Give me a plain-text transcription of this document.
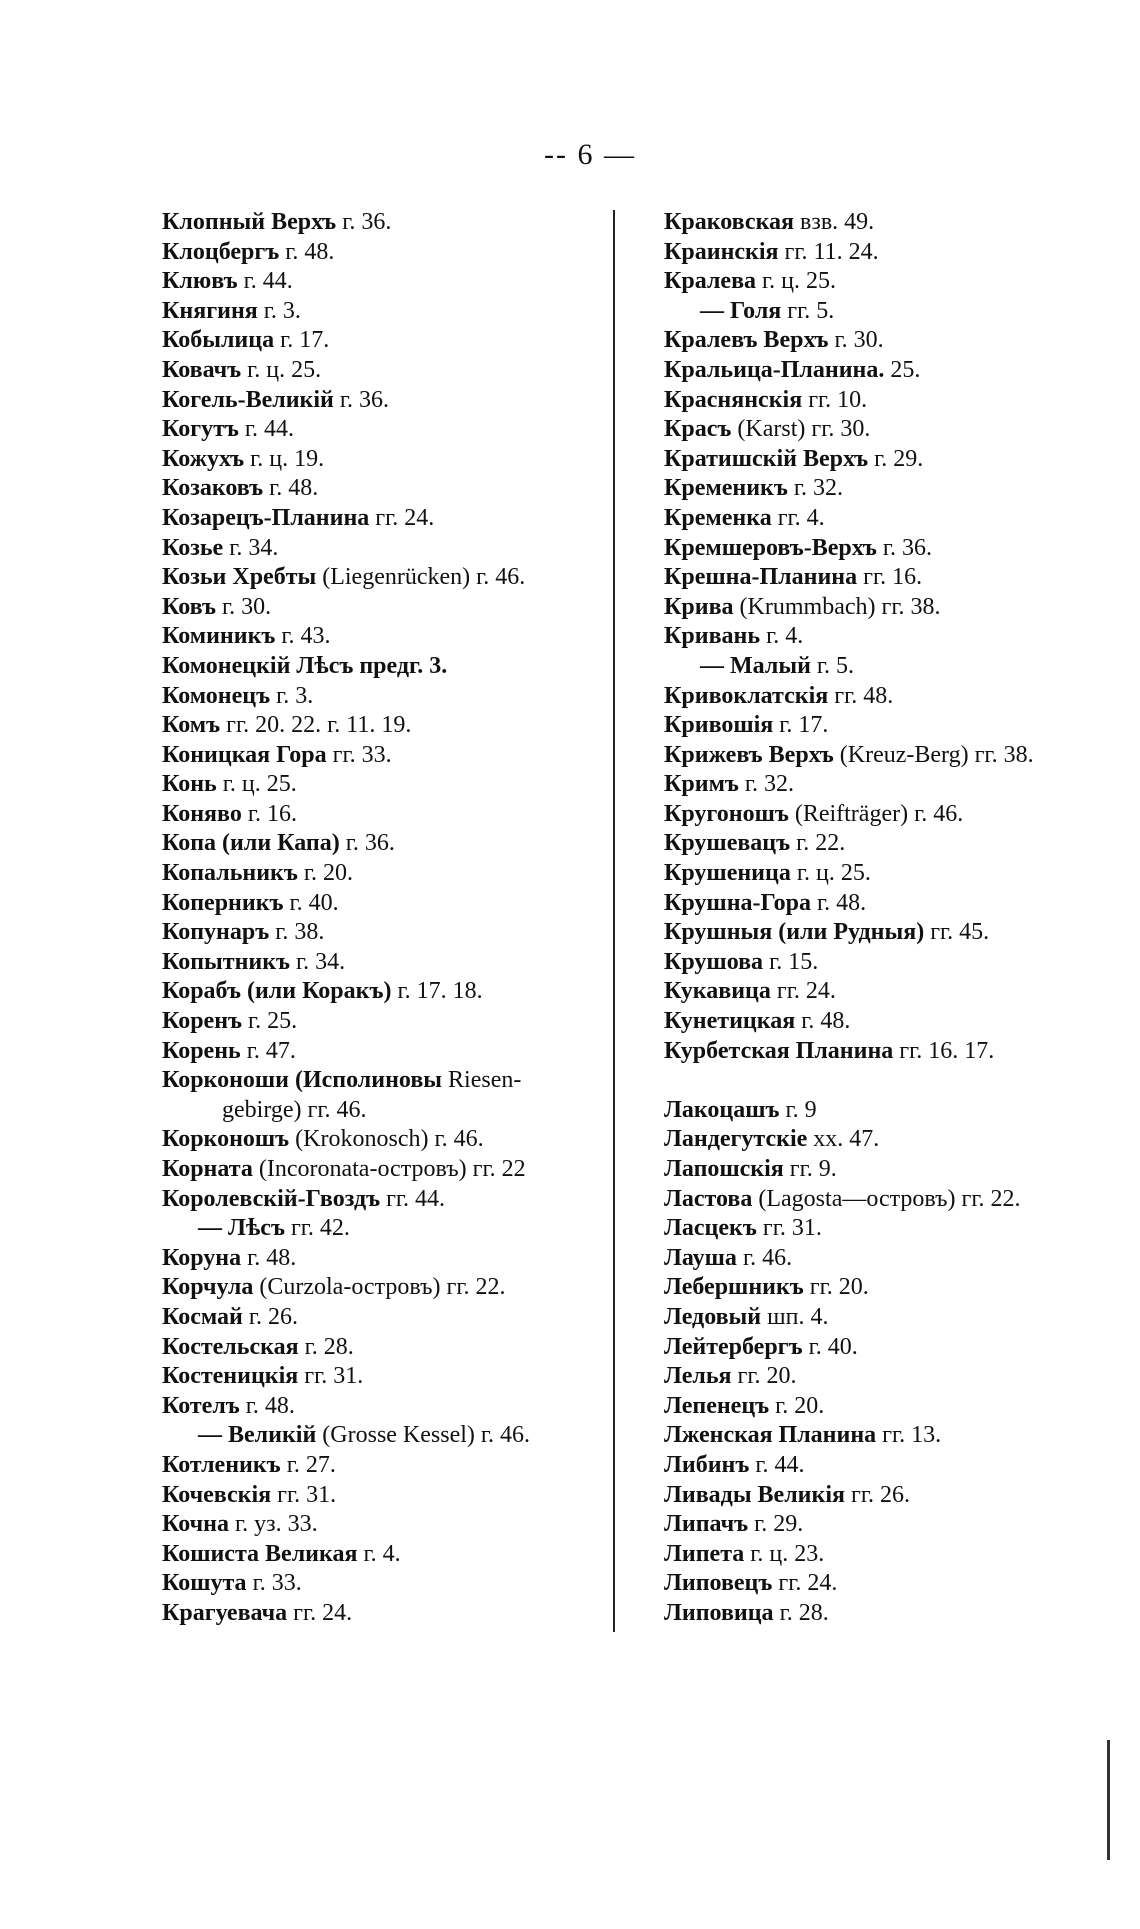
-- 6 —
Клопный Верхъ г. 36.
Клоцбергъ г. 48.
Клювъ г. 44.
Княгиня г. 3.
Кобылица г. 17.
Ковачъ г. ц. 25.
Когель-Великій г. 36.
Когутъ г. 44.
Кожухъ г. ц. 19.
Козаковъ г. 48.
Козарецъ-Планина гг. 24.
Козье г. 34.
Козьи Хребты (Liegenrücken) г. 46.
Ковъ г. 30.
Коминикъ г. 43.
Комонецкій Лѣсъ предг. 3.
Комонецъ г. 3.
Комъ гг. 20. 22. г. 11. 19.
Коницкая Гора гг. 33.
Конь г. ц. 25.
Коняво г. 16.
Копа (или Капа) г. 36.
Копальникъ г. 20.
Коперникъ г. 40.
Копунаръ г. 38.
Копытникъ г. 34.
Корабъ (или Коракъ) г. 17. 18.
Коренъ г. 25.
Корень г. 47.
Корконоши (Исполиновы Riesen-
gebirge) гг. 46.
Корконошъ (Krokonosch) г. 46.
Корната (Incoronata-островъ) гг. 22
Королевскій-Гвоздъ гг. 44.
— Лѣсъ гг. 42.
Коруна г. 48.
Корчула (Curzola-островъ) гг. 22.
Космай г. 26.
Костельская г. 28.
Костеницкія гг. 31.
Котелъ г. 48.
— Великій (Grosse Kessel) г. 46.
Котленикъ г. 27.
Кочевскія гг. 31.
Кочна г. уз. 33.
Кошиста Великая г. 4.
Кошута г. 33.
Крагуевача гг. 24.
Краковская взв. 49.
Краинскія гг. 11. 24.
Кралева г. ц. 25.
— Голя гг. 5.
Кралевъ Верхъ г. 30.
Кральица-Планина. 25.
Краснянскія гг. 10.
Красъ (Karst) гг. 30.
Кратишскій Верхъ г. 29.
Кременикъ г. 32.
Кременка гг. 4.
Кремшеровъ-Верхъ г. 36.
Крешна-Планина гг. 16.
Крива (Krummbach) гг. 38.
Кривань г. 4.
— Малый г. 5.
Кривоклатскія гг. 48.
Кривошія г. 17.
Крижевъ Верхъ (Kreuz-Berg) гг. 38.
Кримъ г. 32.
Кругоношъ (Reifträger) г. 46.
Крушевацъ г. 22.
Крушеница г. ц. 25.
Крушна-Гора г. 48.
Крушныя (или Рудныя) гг. 45.
Крушова г. 15.
Кукавица гг. 24.
Кунетицкая г. 48.
Курбетская Планина гг. 16. 17.
Лакоцашъ г. 9
Ландегутскіе хх. 47.
Лапошскія гг. 9.
Ластова (Lagosta—островъ) гг. 22.
Ласцекъ гг. 31.
Лауша г. 46.
Лебершникъ гг. 20.
Ледовый шп. 4.
Лейтербергъ г. 40.
Лелья гг. 20.
Лепенецъ г. 20.
Лженская Планина гг. 13.
Либинъ г. 44.
Ливады Великія гг. 26.
Липачъ г. 29.
Липета г. ц. 23.
Липовецъ гг. 24.
Липовица г. 28.
